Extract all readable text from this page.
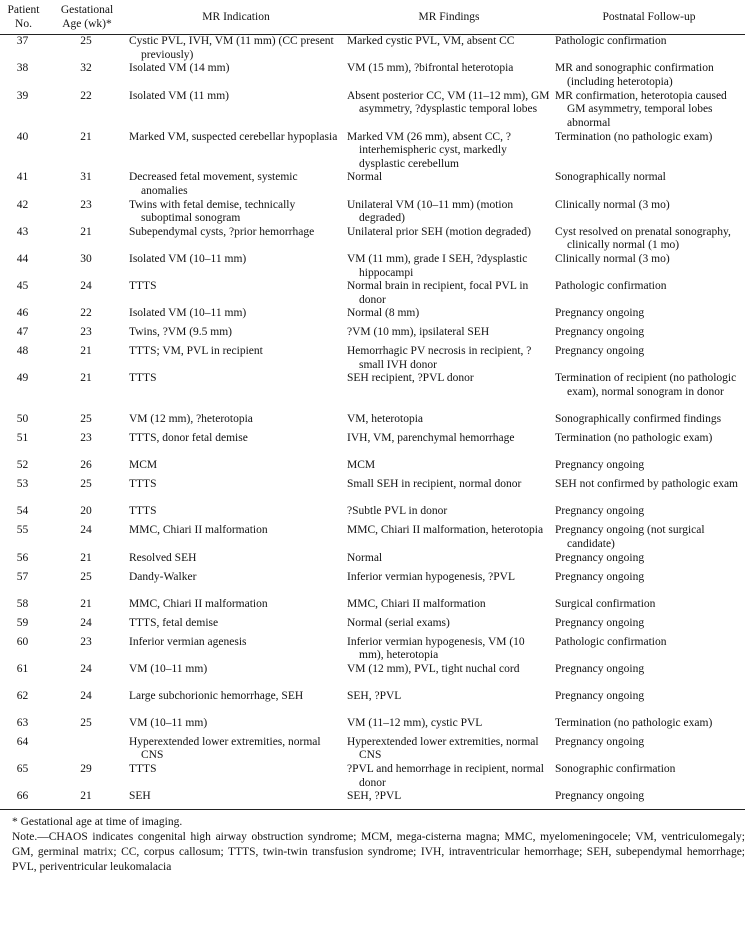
Patient
No.	Gestational
Age (wk)*	MR Indication	MR Findings	Postnatal Follow-up
37	25	Cystic PVL, IVH, VM (11 mm) (CC present previously)	Marked cystic PVL, VM, absent CC	Pathologic confirmation

38	32	Isolated VM (14 mm)	VM (15 mm), ?bifrontal heterotopia	MR and sonographic confirmation (including heterotopia)

39	22	Isolated VM (11 mm)	Absent posterior CC, VM (11–12 mm), GM asymmetry, ?dysplastic temporal lobes	MR confirmation, heterotopia caused GM asymmetry, temporal lobes abnormal

40	21	Marked VM, suspected cerebellar hypoplasia	Marked VM (26 mm), absent CC, ?interhemispheric cyst, markedly dysplastic cerebellum	Termination (no pathologic exam)

41	31	Decreased fetal movement, systemic anomalies	Normal	Sonographically normal

42	23	Twins with fetal demise, technically suboptimal sonogram	Unilateral VM (10–11 mm) (motion degraded)	Clinically normal (3 mo)

43	21	Subependymal cysts, ?prior hemorrhage	Unilateral prior SEH (motion degraded)	Cyst resolved on prenatal sonography, clinically normal (1 mo)

44	30	Isolated VM (10–11 mm)	VM (11 mm), grade I SEH, ?dysplastic hippocampi	Clinically normal (3 mo)

45	24	TTTS	Normal brain in recipient, focal PVL in donor	Pathologic confirmation

46	22	Isolated VM (10–11 mm)	Normal (8 mm)	Pregnancy ongoing

47	23	Twins, ?VM (9.5 mm)	?VM (10 mm), ipsilateral SEH	Pregnancy ongoing

48	21	TTTS; VM, PVL in recipient	Hemorrhagic PV necrosis in recipient, ?small IVH donor	Pregnancy ongoing

49	21	TTTS	SEH recipient, ?PVL donor	Termination of recipient (no pathologic exam), normal sonogram in donor

50	25	VM (12 mm), ?heterotopia	VM, heterotopia	Sonographically confirmed findings

51	23	TTTS, donor fetal demise	IVH, VM, parenchymal hemorrhage	Termination (no pathologic exam)

52	26	MCM	MCM	Pregnancy ongoing

53	25	TTTS	Small SEH in recipient, normal donor	SEH not confirmed by pathologic exam

54	20	TTTS	?Subtle PVL in donor	Pregnancy ongoing

55	24	MMC, Chiari II malformation	MMC, Chiari II malformation, heterotopia	Pregnancy ongoing (not surgical candidate)

56	21	Resolved SEH	Normal	Pregnancy ongoing

57	25	Dandy-Walker	Inferior vermian hypogenesis, ?PVL	Pregnancy ongoing

58	21	MMC, Chiari II malformation	MMC, Chiari II malformation	Surgical confirmation

59	24	TTTS, fetal demise	Normal (serial exams)	Pregnancy ongoing

60	23	Inferior vermian agenesis	Inferior vermian hypogenesis, VM (10 mm), heterotopia	Pathologic confirmation

61	24	VM (10–11 mm)	VM (12 mm), PVL, tight nuchal cord	Pregnancy ongoing

62	24	Large subchorionic hemorrhage, SEH	SEH, ?PVL	Pregnancy ongoing

63	25	VM (10–11 mm)	VM (11–12 mm), cystic PVL	Termination (no pathologic exam)

64		Hyperextended lower extremities, normal CNS	Hyperextended lower extremities, normal CNS	Pregnancy ongoing

65	29	TTTS	?PVL and hemorrhage in recipient, normal donor	Sonographic confirmation

66	21	SEH	SEH, ?PVL	Pregnancy ongoing

* Gestational age at time of imaging.

Note.—CHAOS indicates congenital high airway obstruction syndrome; MCM, mega-cisterna magna; MMC, myelomeningocele; VM, ventriculomegaly; GM, germinal matrix; CC, corpus callosum; TTTS, twin-twin transfusion syndrome; IVH, intraventricular hemorrhage; SEH, subependymal hemorrhage; PVL, periventricular leukomalacia
